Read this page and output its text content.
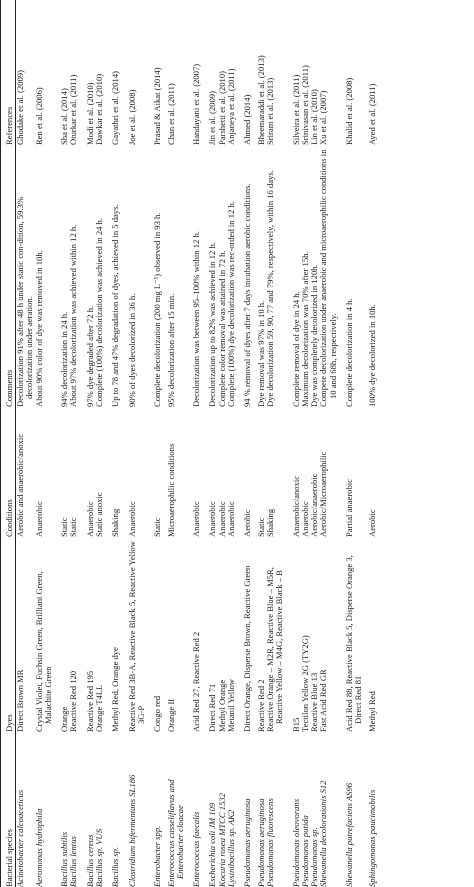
Bacterial species	Dyes	Conditions	Comments	References
Acinetobacter calcoaceticus	Direct Brown MR	Aerobic and anaerobic/anoxic	Decolorization 91% after 48 h under static con-dition, 59.3% decolorization under aeration.	Ghodake et al. (2009)
Aeromonas hydrophila	Crystal Violet, Fuchsin Green, Brilliant Green, Malachite Green	Anaerobic	About 90% color of dye was removed in 10h.	Ren et al. (2006)
Bacillus subtilis	Orange	Static	94% decolorization in 24 h.	Sha et al. (2014)
Bacillus lentus	Reactive Red 120	Static	About 97% decolorization was achieved within 12 h.	Oturkar et al. (2011)
Bacillus cereus	Reactive Red 195	Anaerobic	97% dye degraded after 72 h.	Modi et al. (2010)
Bacillus sp. VUS	Orange T4LL	Static anoxic	Complete (100%) decolorization was achieved in 24 h.	Dawkar et al. (2010)
Bacillus sp.	Methyl Red, Orange dye	Shaking	Up to 78 and 47% degradation of dyes, achieved in 5 days.	Gayathri et al. (2014)
Clostridium bifermentans SL186	Reactive Red 3B-A, Reactive Black 5, Reactive Yellow 3G-P	Anaerobic	90% of dyes decolorized in 36 h.	Joe et al. (2008)
Enterobacter spp.	Congo red	Static	Complete decolorization (200 mg L⁻¹) observed in 93 h.	Prasad & Aikat (2014)
Enterococcus casseliflavus and Enterobacter cloacae	Orange II	Microaerophilic conditions	95% decolorization after 15 min.	Chan et al. (2011)
Enterococcus faecalis	Acid Red 27, Reactive Red 2	Anaerobic	Decolorization was between 95–100% within 12 h.	Handayani et al. (2007)
Escherichia coli JM 109	Direct Red 71	Anaerobic	Decolorization up to 82% was achieved in 12 h.	Jin et al. (2009)
Kocuria rosea MTCC 1532	Methyl Orange	Anaerobic	Complete color removal was attained in 72 h.	Parshetti et al. (2010)
Lysinibacillus sp. AK2	Metanil Yellow	Anaerobic	Complete (100%) dye decolorization was rec-orded in 12 h.	Anjaneya et al. (2011)
Pseudomonas aeruginosa	Direct Orange, Disperse Brown, Reactive Green	Aerobic	94 % removal of dyes after 7 days incubation aerobic conditions.	Ahmed (2014)
Pseudomonas aeruginosa	Reactive Red 2	Static	Dye removal was 97% in 10 h.	Bheemaraddi et al. (2013)
Pseudomonas fluorescens	Reactive Orange – M2R, Reactive Blue – M5R, Reactive Yellow – M4G, Reactive Black – B	Shaking	Dye decolorization 59, 90, 77 and 79%, respectively, within 16 days.	Sriram et al. (2013)
Pseudomonas oleovorans	B15	Anaerobic/anoxic	Complete removal of dye in 24 h.	Silveira et al. (2011)
Pseudomonas putida	Tectilon Yellow 2G (TY2G)	Anaerobic	Maximum decolorization was 70% after 15h.	Srinivasan et al. (2011)
Pseudomonas sp.	Reactive Blue 13	Aerobic/anaerobic	Dye was completely decolorized in 120h.	Lin et al. (2010)
Shewanella decolorationis S12	Fast Acid Red GR	Aerobic/Microaerophilic	Compete decolorization under anaerobic and microaerophilic conditions in 10 and 68h, respectively.	Xu et al. (2007)
Shewanella putrefaciens AS96	Acid Red 88, Reactive Black 5, Disperse Orange 3, Direct Red 81	Partial anaerobic	Complete decolorization in 4 h.	Khalid et al. (2008)
Sphingomonas paucimobilis	Methyl Red	Aerobic	100% dye decolorized in 10h.	Ayed et al. (2011)
